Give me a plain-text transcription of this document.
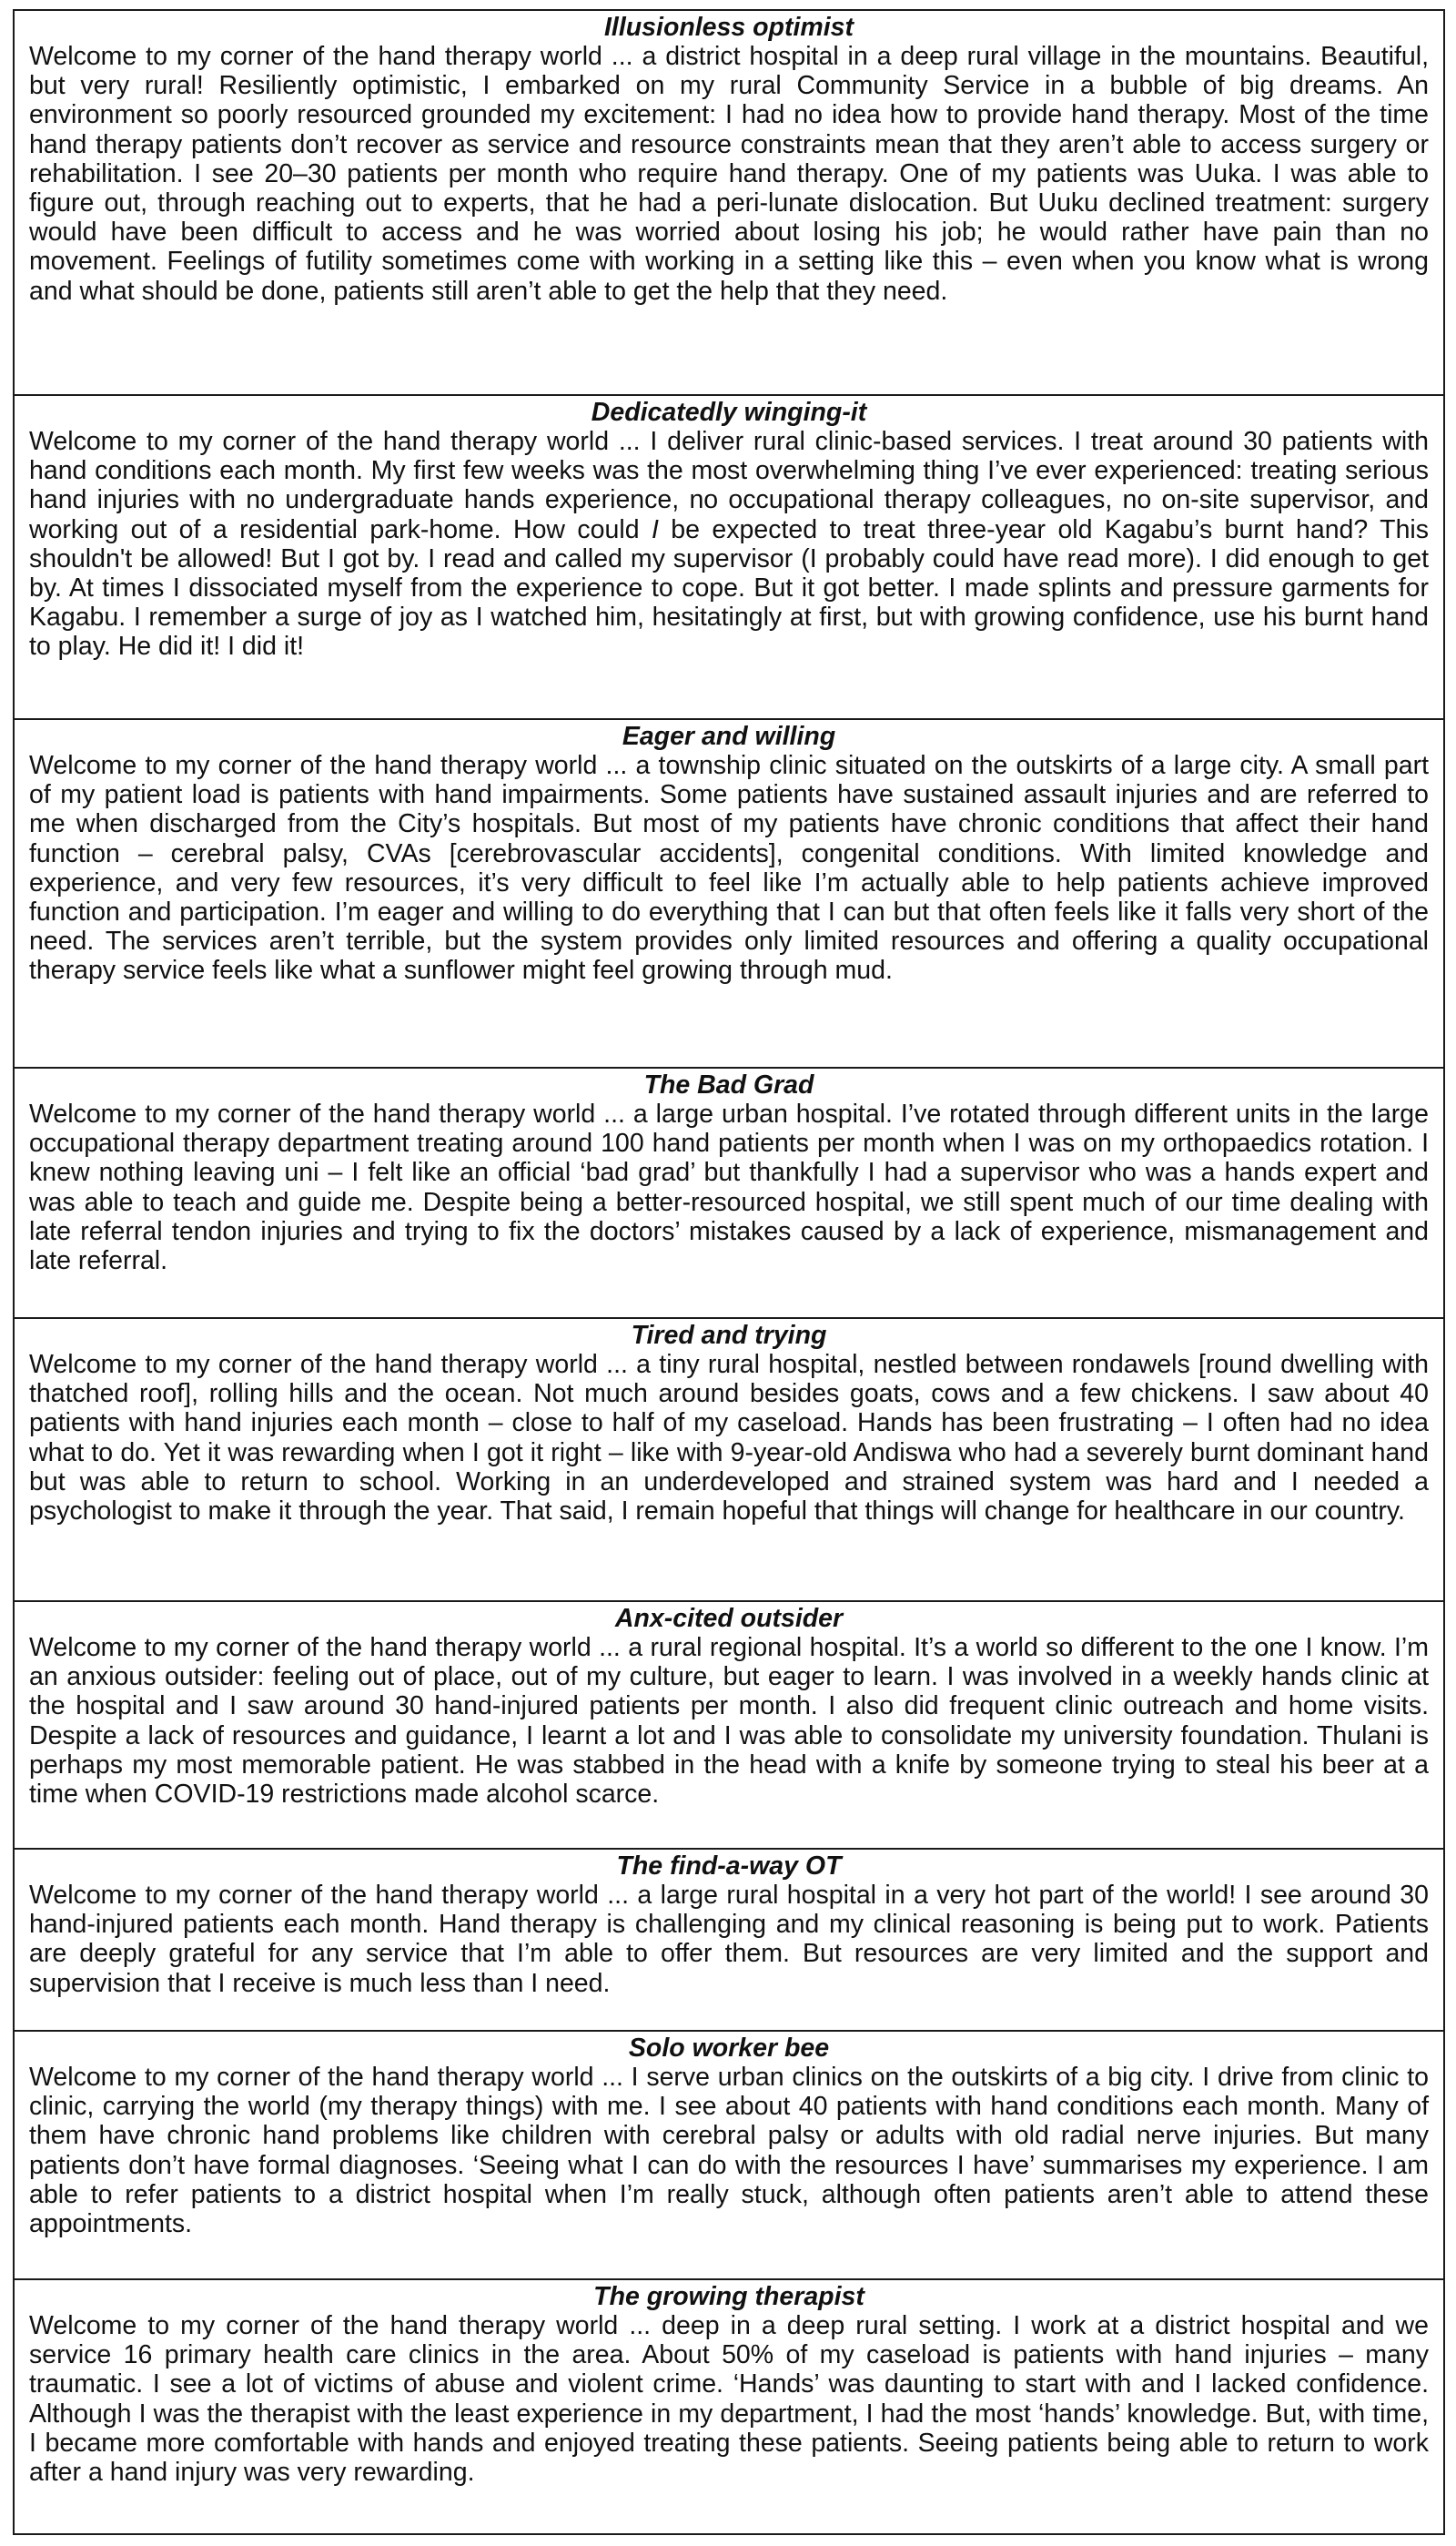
Illusionless optimist
Welcome to my corner of the hand therapy world ... a district hospital in a deep rural village in the mountains. Beautiful, but very rural! Resiliently optimistic, I embarked on my rural Community Service in a bubble of big dreams. An environment so poorly resourced grounded my excitement: I had no idea how to provide hand therapy. Most of the time hand therapy patients don’t recover as service and resource constraints mean that they aren’t able to access surgery or rehabilitation. I see 20–30 patients per month who require hand therapy. One of my patients was Uuka. I was able to figure out, through reaching out to experts, that he had a peri-lunate dislocation. But Uuku declined treatment: surgery would have been difficult to access and he was worried about losing his job; he would rather have pain than no movement. Feelings of futility sometimes come with working in a setting like this – even when you know what is wrong and what should be done, patients still aren’t able to get the help that they need.
Dedicatedly winging-it
Welcome to my corner of the hand therapy world ... I deliver rural clinic-based services. I treat around 30 patients with hand conditions each month. My first few weeks was the most overwhelming thing I’ve ever experienced: treating serious hand injuries with no undergraduate hands experience, no occupational therapy colleagues, no on-site supervisor, and working out of a residential park-home. How could I be expected to treat three-year old Kagabu’s burnt hand? This shouldn't be allowed! But I got by. I read and called my supervisor (I probably could have read more). I did enough to get by. At times I dissociated myself from the experience to cope. But it got better. I made splints and pressure garments for Kagabu. I remember a surge of joy as I watched him, hesitatingly at first, but with growing confidence, use his burnt hand to play. He did it! I did it!
Eager and willing
Welcome to my corner of the hand therapy world ... a township clinic situated on the outskirts of a large city. A small part of my patient load is patients with hand impairments. Some patients have sustained assault injuries and are referred to me when discharged from the City’s hospitals. But most of my patients have chronic conditions that affect their hand function – cerebral palsy, CVAs [cerebrovascular accidents], congenital conditions. With limited knowledge and experience, and very few resources, it’s very difficult to feel like I’m actually able to help patients achieve improved function and participation. I’m eager and willing to do everything that I can but that often feels like it falls very short of the need. The services aren’t terrible, but the system provides only limited resources and offering a quality occupational therapy service feels like what a sunflower might feel growing through mud.
The Bad Grad
Welcome to my corner of the hand therapy world ... a large urban hospital. I’ve rotated through different units in the large occupational therapy department treating around 100 hand patients per month when I was on my orthopaedics rotation. I knew nothing leaving uni – I felt like an official ‘bad grad’ but thankfully I had a supervisor who was a hands expert and was able to teach and guide me. Despite being a better-resourced hospital, we still spent much of our time dealing with late referral tendon injuries and trying to fix the doctors’ mistakes caused by a lack of experience, mismanagement and late referral.
Tired and trying
Welcome to my corner of the hand therapy world ... a tiny rural hospital, nestled between rondawels [round dwelling with thatched roof], rolling hills and the ocean. Not much around besides goats, cows and a few chickens. I saw about 40 patients with hand injuries each month – close to half of my caseload. Hands has been frustrating – I often had no idea what to do. Yet it was rewarding when I got it right – like with 9-year-old Andiswa who had a severely burnt dominant hand but was able to return to school. Working in an underdeveloped and strained system was hard and I needed a psychologist to make it through the year. That said, I remain hopeful that things will change for healthcare in our country.
Anx-cited outsider
Welcome to my corner of the hand therapy world ... a rural regional hospital. It’s a world so different to the one I know. I’m an anxious outsider: feeling out of place, out of my culture, but eager to learn. I was involved in a weekly hands clinic at the hospital and I saw around 30 hand-injured patients per month. I also did frequent clinic outreach and home visits. Despite a lack of resources and guidance, I learnt a lot and I was able to consolidate my university foundation. Thulani is perhaps my most memorable patient. He was stabbed in the head with a knife by someone trying to steal his beer at a time when COVID-19 restrictions made alcohol scarce.
The find-a-way OT
Welcome to my corner of the hand therapy world ... a large rural hospital in a very hot part of the world! I see around 30 hand-injured patients each month. Hand therapy is challenging and my clinical reasoning is being put to work. Patients are deeply grateful for any service that I’m able to offer them. But resources are very limited and the support and supervision that I receive is much less than I need.
Solo worker bee
Welcome to my corner of the hand therapy world ... I serve urban clinics on the outskirts of a big city. I drive from clinic to clinic, carrying the world (my therapy things) with me. I see about 40 patients with hand conditions each month. Many of them have chronic hand problems like children with cerebral palsy or adults with old radial nerve injuries. But many patients don’t have formal diagnoses. ‘Seeing what I can do with the resources I have’ summarises my experience. I am able to refer patients to a district hospital when I’m really stuck, although often patients aren’t able to attend these appointments.
The growing therapist
Welcome to my corner of the hand therapy world ... deep in a deep rural setting. I work at a district hospital and we service 16 primary health care clinics in the area. About 50% of my caseload is patients with hand injuries – many traumatic. I see a lot of victims of abuse and violent crime. ‘Hands’ was daunting to start with and I lacked confidence. Although I was the therapist with the least experience in my department, I had the most ‘hands’ knowledge. But, with time, I became more comfortable with hands and enjoyed treating these patients. Seeing patients being able to return to work after a hand injury was very rewarding.
